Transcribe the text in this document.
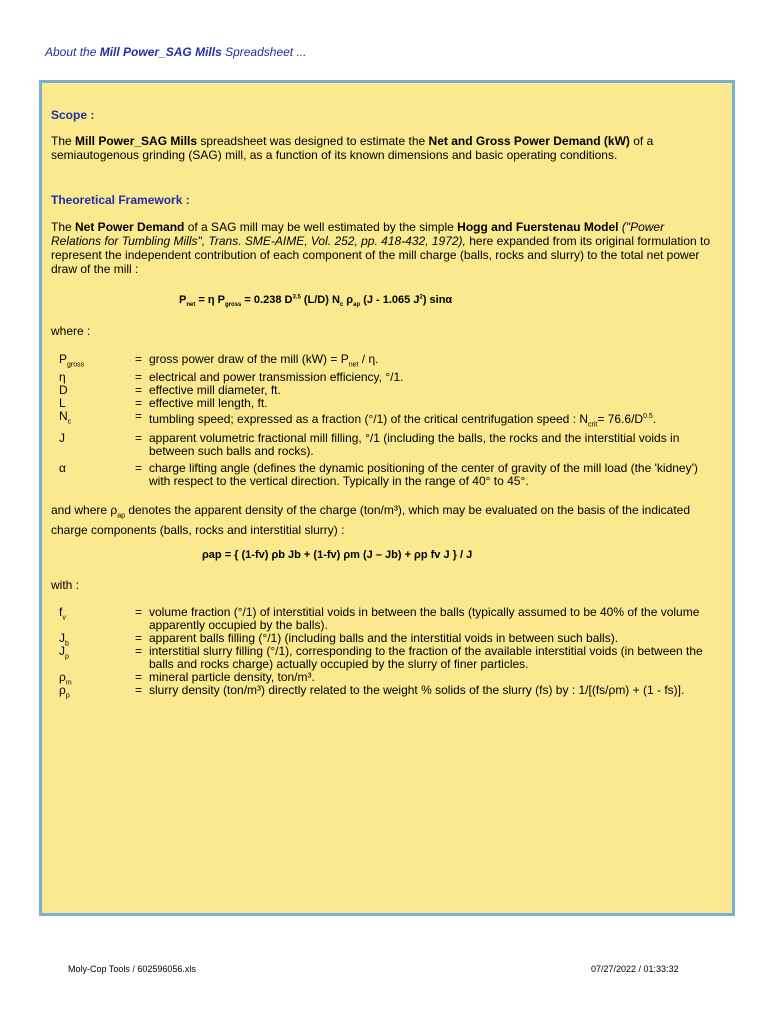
About the Mill Power_SAG Mills Spreadsheet ...
Scope :
The Mill Power_SAG Mills spreadsheet was designed to estimate the Net and Gross Power Demand (kW) of a semiautogenous grinding (SAG) mill, as a function of its known dimensions and basic operating conditions.
Theoretical Framework :
The Net Power Demand of a SAG mill may be well estimated by the simple Hogg and Fuerstenau Model ("Power Relations for Tumbling Mills", Trans. SME-AIME, Vol. 252, pp. 418-432, 1972), here expanded from its original formulation to represent the independent contribution of each component of the mill charge (balls, rocks and slurry) to the total net power draw of the mill :
$P_{net} = \eta$ $P_{gross} = 0.238$ $D^{3.5}$ (L/D) $N_c$ $\rho_{ap}$ (J - 1.065 $J^2$) sinα
where :
$P_{gross}$	= gross power draw of the mill $(kW) = P_{net} / \eta$.
η	= electrical and power transmission efficiency, °/1.
D	= effective mill diameter, ft.
L	= effective mill length, ft.
$N_c$	= tumbling speed; expressed as a fraction (°/1) of the critical centrifugation speed : $N_{crit}= 76.6/D^{0.5}$.
J	= apparent volumetric fractional mill filling, °/1 (including the balls, the rocks and the interstitial voids in between such balls and rocks).
α	= charge lifting angle (defines the dynamic positioning of the center of gravity of the mill load (the 'kidney') with respect to the vertical direction. Typically in the range of 40° to 45°.
and where $\rho_{ap}$ denotes the apparent density of the charge (ton/m³), which may be evaluated on the basis of the indicated charge components (balls, rocks and interstitial slurry) :
ρap = { (1-fv) ρb Jb + (1-fv) ρm (J – Jb) + ρp fv J } / J
with :
$f_v$	= volume fraction (°/1) of interstitial voids in between the balls (typically assumed to be 40% of the volume apparently occupied by the balls).
$J_b$	= apparent balls filling (°/1) (including balls and the interstitial voids in between such balls).
$J_p$	= interstitial slurry filling (°/1), corresponding to the fraction of the available interstitial voids (in between the balls and rocks charge) actually occupied by the slurry of finer particles.
$\rho_m$	= mineral particle density, ton/m³.
$\rho_p$	= slurry density (ton/m³) directly related to the weight % solids of the slurry (fs) by : 1/[(fs/ρm) + (1 - fs)].
Moly-Cop Tools / 602596056.xls	07/27/2022 / 01:33:32
